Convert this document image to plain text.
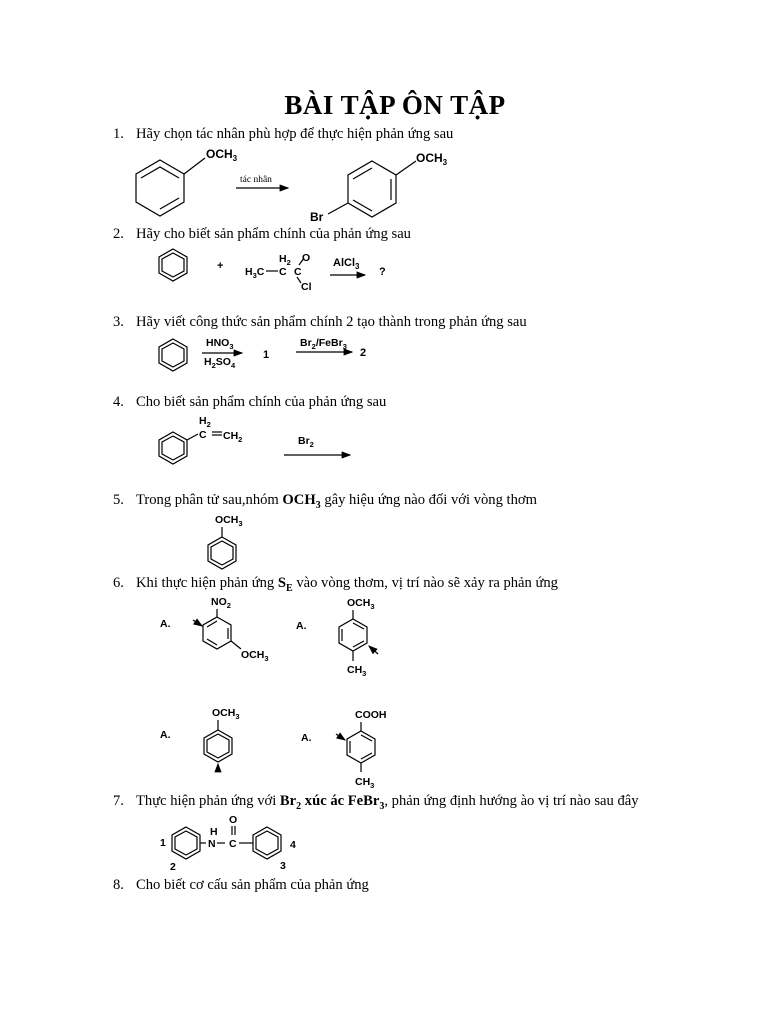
BÀI TẬP ÔN TẬP
1. Hãy chọn tác nhân phù hợp để thực hiện phản ứng sau
2. Hãy cho biết sản phẩm chính của phản ứng sau
3. Hãy viết công thức sản phẩm chính 2 tạo thành trong phản ứng sau
4. Cho biết sản phẩm chính của phản ứng sau
5. Trong phân tử sau,nhóm $OCH_3$ gây hiệu ứng nào đối với vòng thơm
6. Khi thực hiện phản ứng $S_E$ vào vòng thơm, vị trí nào sẽ xảy ra phản ứng
7. Thực hiện phản ứng với $Br_2$ xúc ác FeBr$_3$, phản ứng định hướng ào vị trí nào sau đây
8. Cho biết cơ cấu sản phẩm của phản ứng
$OCH_3$
tác nhân
$OCH_3$
Br
+
$H_2$ O
$H_3C$ C C
Cl
AlCl$_3$ ?
$HNO_3$
$H_2SO_4$
1
$Br_2/FeBr_3$
2
$H_2$
C $CH_2$	$Br_2$
$OCH_3$
A.
$NO_2$
$OCH_3$
A.
$OCH_3$
$CH_3$
A.
$OCH_3$
A.
COOH
$CH_3$
1
2
H
N
O
C	4
3
